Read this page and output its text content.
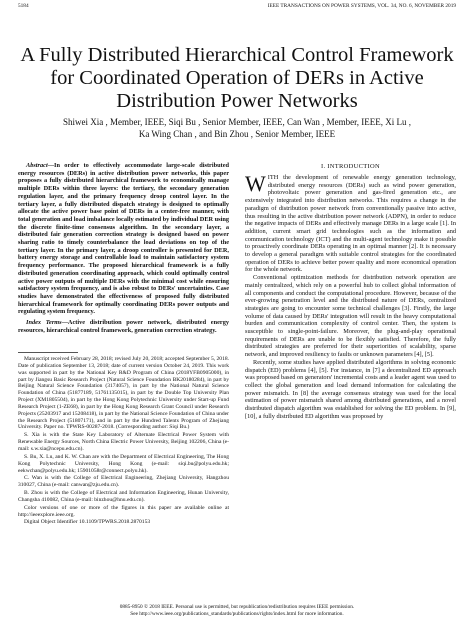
5184	IEEE TRANSACTIONS ON POWER SYSTEMS, VOL. 34, NO. 6, NOVEMBER 2019
A Fully Distributed Hierarchical Control Framework for Coordinated Operation of DERs in Active Distribution Power Networks
Shiwei Xia , Member, IEEE, Siqi Bu , Senior Member, IEEE, Can Wan , Member, IEEE, Xi Lu ,
Ka Wing Chan , and Bin Zhou , Senior Member, IEEE

Abstract—In order to effectively accommodate large-scale distributed energy resources (DERs) in active distribution power networks, this paper proposes a fully distributed hierarchical framework to economically manage multiple DERs within three layers: the tertiary, the secondary generation regulation layer, and the primary frequency droop control layer. In the tertiary layer, a fully distributed dispatch strategy is designed to optimally allocate the active power base point of DERs in a center-free manner, with total generation and load imbalance locally estimated by individual DER using the discrete finite-time consensus algorithm. In the secondary layer, a distributed fair generation correction strategy is designed based on power sharing ratio to timely counterbalance the load deviations on top of the tertiary layer. In the primary layer, a droop controller is presented for DER, battery energy storage and controllable load to maintain satisfactory system frequency performance. The proposed hierarchical framework is a fully distributed generation coordinating approach, which could optimally control active power outputs of multiple DERs with the minimal cost while ensuring satisfactory system frequency, and is also robust to DERs' uncertainties. Case studies have demonstrated the effectiveness of proposed fully distributed hierarchical framework for optimally coordinating DERs power outputs and regulating system frequency.

Index Terms—Active distribution power network, distributed energy resources, hierarchical control framework, generation correction strategy.

Manuscript received February 28, 2018; revised July 20, 2018; accepted September 5, 2018. Date of publication September 13, 2018; date of current version October 24, 2019. This work was supported in part by the National Key R&D Program of China (2018YFB0905000), in part by Jiangsu Basic Research Project (Natural Science Foundation BK20180284), in part by Beijing Natural Science Foundation (3174057), in part by the National Natural Science Foundation of China (51877189, 51761135015), in part by the Double Top University Plan Project (XM1805504), in part by the Hong Kong Polytechnic University under Start-up Fund Research Project (1-ZE68), in part by the Hong Kong Research Grant Council under Research Projects (25203917 and 15208418), in part by the National Science Foundation of China under the Research Project (51807171), and in part by the Hundred Talents Program of Zhejiang University. Paper no. TPWRS-00287-2018. (Corresponding author: Siqi Bu.)

S. Xia is with the State Key Laboratory of Alternate Electrical Power System with Renewable Energy Sources, North China Electric Power University, Beijing 102206, China (e-mail: s.w.xia@ncepu.edu.cn).

S. Bu, X. Lu, and K. W. Chan are with the Department of Electrical Engineering, The Hong Kong Polytechnic University, Hong Kong (e-mail: siqi.bu@polyu.edu.hk; eekwchan@polyu.edu.hk; 15901058r@connect.polyu.hk).

C. Wan is with the College of Electrical Engineering, Zhejiang University, Hangzhou 310027, China (e-mail: canwan@zju.edu.cn).

B. Zhou is with the College of Electrical and Information Engineering, Hunan University, Changsha 410082, China (e-mail: binzhou@hnu.edu.cn).

Color versions of one or more of the figures in this paper are available online at http://ieeexplore.ieee.org.

Digital Object Identifier 10.1109/TPWRS.2018.2870153

I. INTRODUCTION

WITH the development of renewable energy generation technology, distributed energy resources (DERs) such as wind power generation, photovoltaic power generation and gas-fired generation etc., are extensively integrated into distribution networks. This requires a change in the paradigm of distribution power network from conventionally passive into active, thus resulting in the active distribution power network (ADPN), in order to reduce the negative impacts of DERs and effectively manage DERs in a large scale [1]. In addition, current smart grid technologies such as the information and communication technology (ICT) and the multi-agent technology make it possible to proactively coordinate DERs operating in an optimal manner [2]. It is necessary to develop a general paradigm with suitable control strategies for the coordinated operation of DERs to achieve better power quality and more economical operation for the whole network.

Conventional optimization methods for distribution network operation are mainly centralized, which rely on a powerful hub to collect global information of all components and conduct the computational procedure. However, because of the ever-growing penetration level and the distributed nature of DERs, centralized strategies are going to encounter some technical challenges [3]. Firstly, the large volume of data caused by DERs' integration will result in the heavy computational burden and communication complexity of control center. Then, the system is susceptible to single-point-failure. Moreover, the plug-and-play operational requirements of DERs are unable to be flexibly satisfied. Therefore, the fully distributed strategies are preferred for their superiorities of scalability, sparse network, and improved resiliency to faults or unknown parameters [4], [5].

Recently, some studies have applied distributed algorithms in solving economic dispatch (ED) problems [4], [5]. For instance, in [7] a decentralized ED approach was proposed based on generators' incremental costs and a leader agent was used to collect the global generation and load demand information for calculating the power mismatch. In [8] the average consensus strategy was used for the local estimation of power mismatch shared among distributed generations, and a novel distributed dispatch algorithm was established for solving the ED problem. In [9], [10], a fully distributed ED algorithm was proposed by

0885-8950 © 2018 IEEE. Personal use is permitted, but republication/redistribution requires IEEE permission.
See http://www.ieee.org/publications_standards/publications/rights/index.html for more information.
